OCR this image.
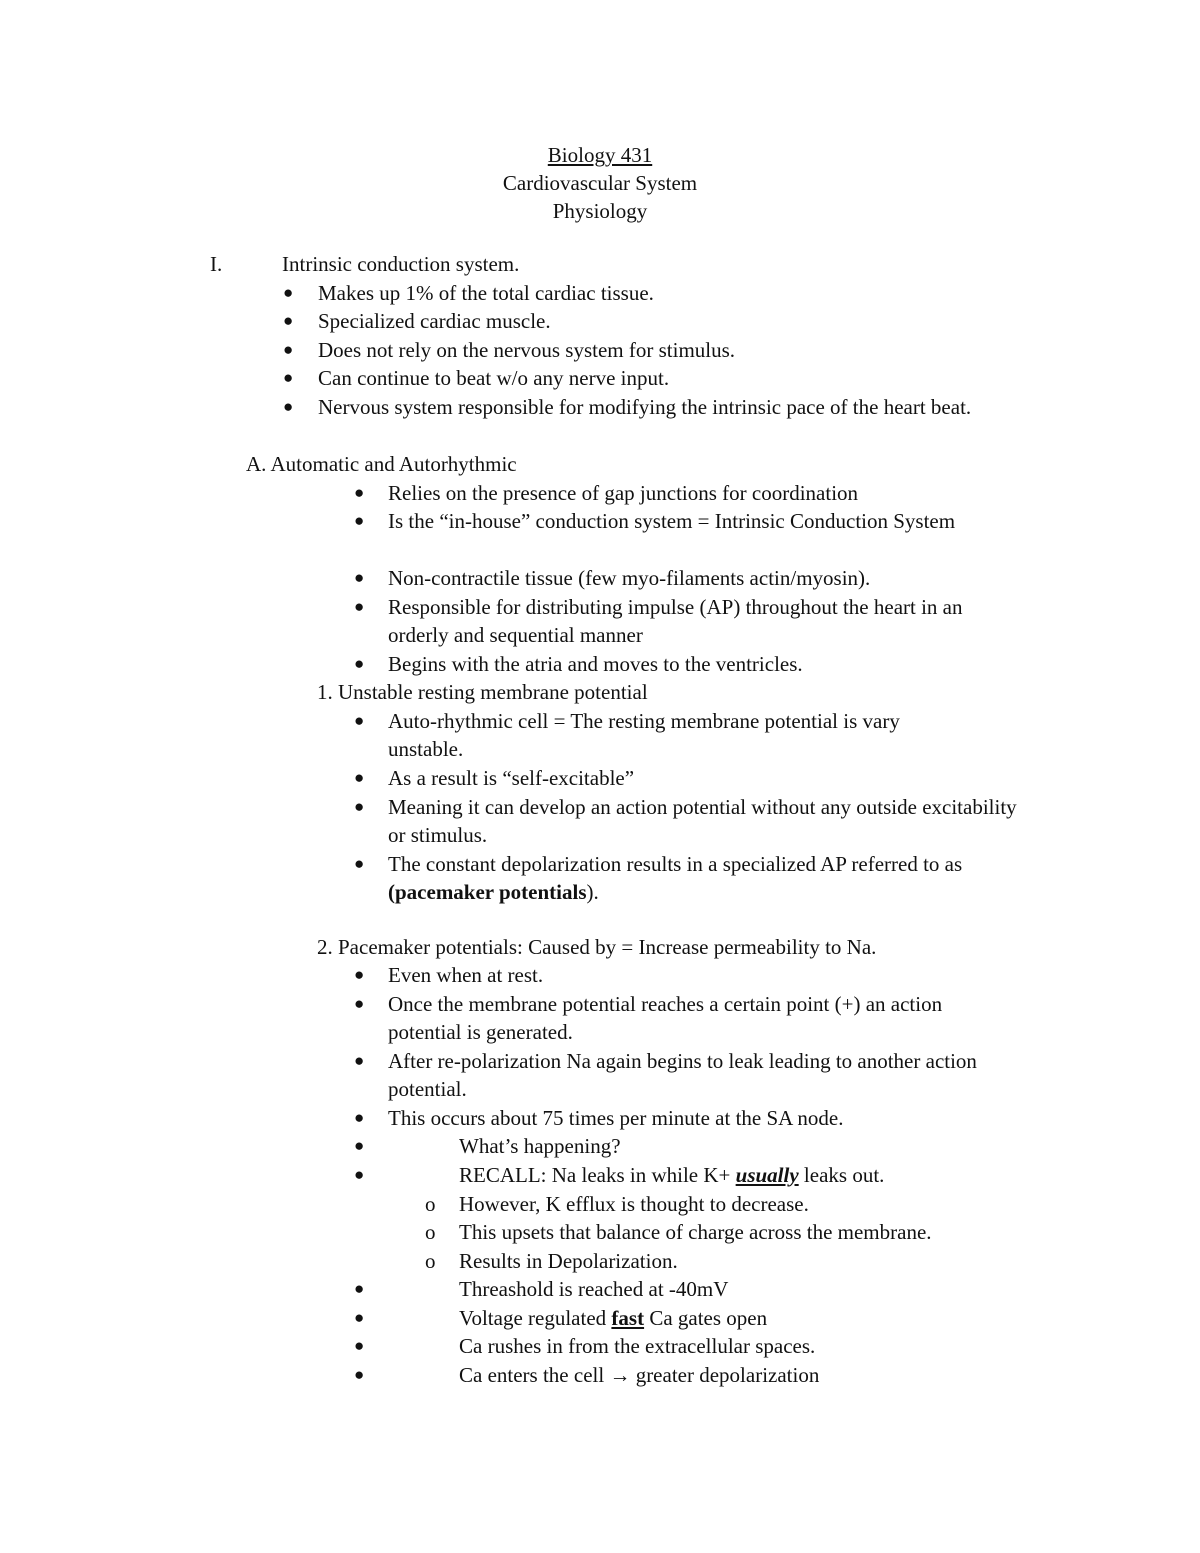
Biology 431
Cardiovascular System
Physiology
I.	Intrinsic conduction system.
● Makes up 1% of the total cardiac tissue.
● Specialized cardiac muscle.
● Does not rely on the nervous system for stimulus.
● Can continue to beat w/o any nerve input.
● Nervous system responsible for modifying the intrinsic pace of the heart beat.
A. Automatic and Autorhythmic
● Relies on the presence of gap junctions for coordination
● Is the “in-house” conduction system = Intrinsic Conduction System
● Non-contractile tissue (few myo-filaments actin/myosin).
● Responsible for distributing impulse (AP) throughout the heart in an orderly and sequential manner
● Begins with the atria and moves to the ventricles.
1. Unstable resting membrane potential
● Auto-rhythmic cell = The resting membrane potential is vary unstable.
● As a result is “self-excitable”
● Meaning it can develop an action potential without any outside excitability or stimulus.
● The constant depolarization results in a specialized AP referred to as (pacemaker potentials).
2. Pacemaker potentials: Caused by = Increase permeability to Na.
● Even when at rest.
● Once the membrane potential reaches a certain point (+) an action potential is generated.
● After re-polarization Na again begins to leak leading to another action potential.
● This occurs about 75 times per minute at the SA node.
●	What’s happening?
●	RECALL: Na leaks in while K+ usually leaks out.
o However, K efflux is thought to decrease.
o This upsets that balance of charge across the membrane.
o Results in Depolarization.
●	Threashold is reached at -40mV
●	Voltage regulated fast Ca gates open
●	Ca rushes in from the extracellular spaces.
●	Ca enters the cell → greater depolarization
